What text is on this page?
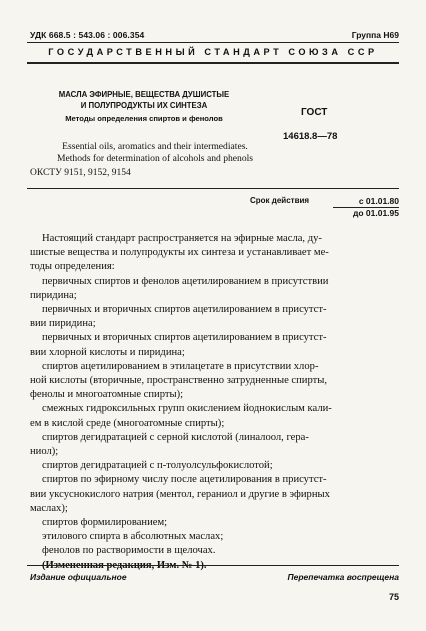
УДК 668.5 : 543.06 : 006.354	Группа Н69
ГОСУДАРСТВЕННЫЙ СТАНДАРТ СОЮЗА ССР
МАСЛА ЭФИРНЫЕ, ВЕЩЕСТВА ДУШИСТЫЕ
И ПОЛУПРОДУКТЫ ИХ СИНТЕЗА
Методы определения спиртов и фенолов
ГОСТ
14618.8—78
Essential oils, aromatics and their intermediates.
Methods for determination of alcohols and phenols
ОКСТУ 9151, 9152, 9154
Срок действия	с 01.01.80
до 01.01.95

Настоящий стандарт распространяется на эфирные масла, ду-

шистые вещества и полупродукты их синтеза и устанавливает ме-

тоды определения:

первичных спиртов и фенолов ацетилированием в присутствии

пиридина;

первичных и вторичных спиртов ацетилированием в присутст-

вии пиридина;

первичных и вторичных спиртов ацетилированием в присутст-

вии хлорной кислоты и пиридина;

спиртов ацетилированием в этилацетате в присутствии хлор-

ной кислоты (вторичные, пространственно затрудненные спирты,

фенолы и многоатомные спирты);

смежных гидроксильных групп окислением йоднокислым кали-

ем в кислой среде (многоатомные спирты);

спиртов дегидратацией с серной кислотой (линалоол, гера-

ниол);

спиртов дегидратацией с п-толуолсульфокислотой;

спиртов по эфирному числу после ацетилирования в присутст-

вии уксуснокислого натрия (ментол, гераниол и другие в эфирных

маслах);

спиртов формилированием;

этилового спирта в абсолютных маслах;

фенолов по растворимости в щелочах.

(Измененная редакция, Изм. № 1).

Издание официальное	Перепечатка воспрещена
75
